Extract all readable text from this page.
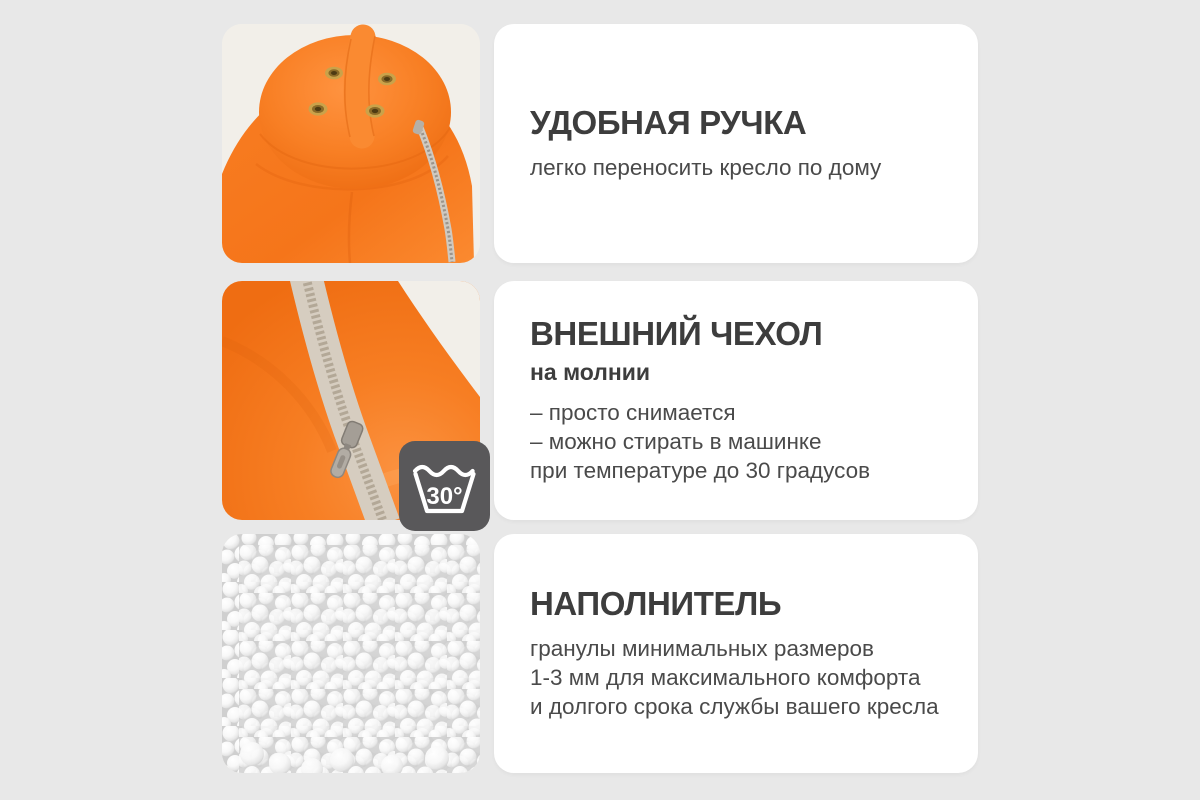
УДОБНАЯ РУЧКА

легко переносить кресло по дому

ВНЕШНИЙ ЧЕХОЛ
на молнии

– просто снимается

– можно стирать в машинке

при температуре до 30 градусов

30°
НАПОЛНИТЕЛЬ

гранулы минимальных размеров

1-3 мм для максимального комфорта

и долгого срока службы вашего кресла
